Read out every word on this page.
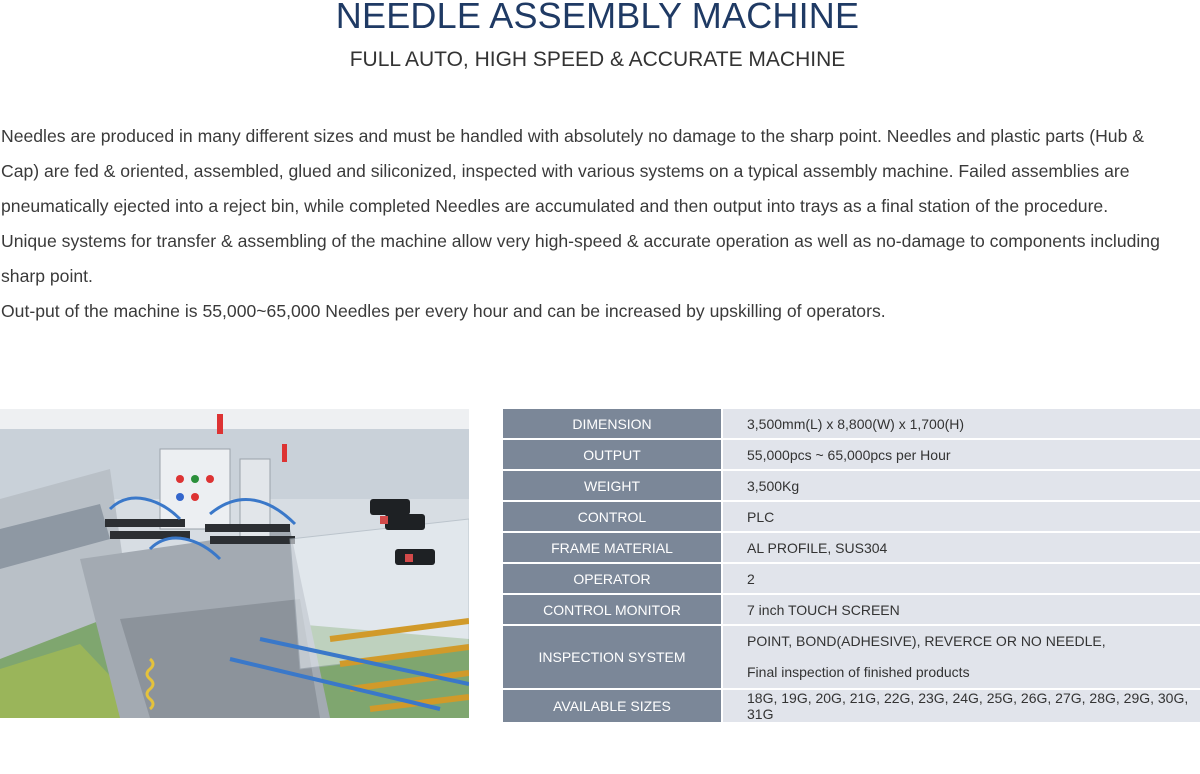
NEEDLE ASSEMBLY MACHINE
FULL AUTO, HIGH SPEED & ACCURATE MACHINE

Needles are produced in many different sizes and must be handled with absolutely no damage to the sharp point. Needles and plastic parts (Hub &

Cap) are fed & oriented, assembled, glued and siliconized, inspected with various systems on a typical assembly machine. Failed assemblies are

pneumatically ejected into a reject bin, while completed Needles are accumulated and then output into trays as a final station of the procedure.

Unique systems for transfer & assembling of the machine allow very high-speed & accurate operation as well as no-damage to components including

sharp point.

Out-put of the machine is 55,000~65,000 Needles per every hour and can be increased by upskilling of operators.

DIMENSION	3,500mm(L) x 8,800(W) x 1,700(H)
OUTPUT	55,000pcs ~ 65,000pcs per Hour
WEIGHT	3,500Kg
CONTROL	PLC
FRAME MATERIAL	AL PROFILE, SUS304
OPERATOR	2
CONTROL MONITOR	7 inch TOUCH SCREEN
INSPECTION SYSTEM	POINT, BOND(ADHESIVE), REVERCE OR NO NEEDLE,
Final inspection of finished products

AVAILABLE SIZES	18G, 19G, 20G, 21G, 22G, 23G, 24G, 25G, 26G, 27G, 28G, 29G, 30G, 31G
